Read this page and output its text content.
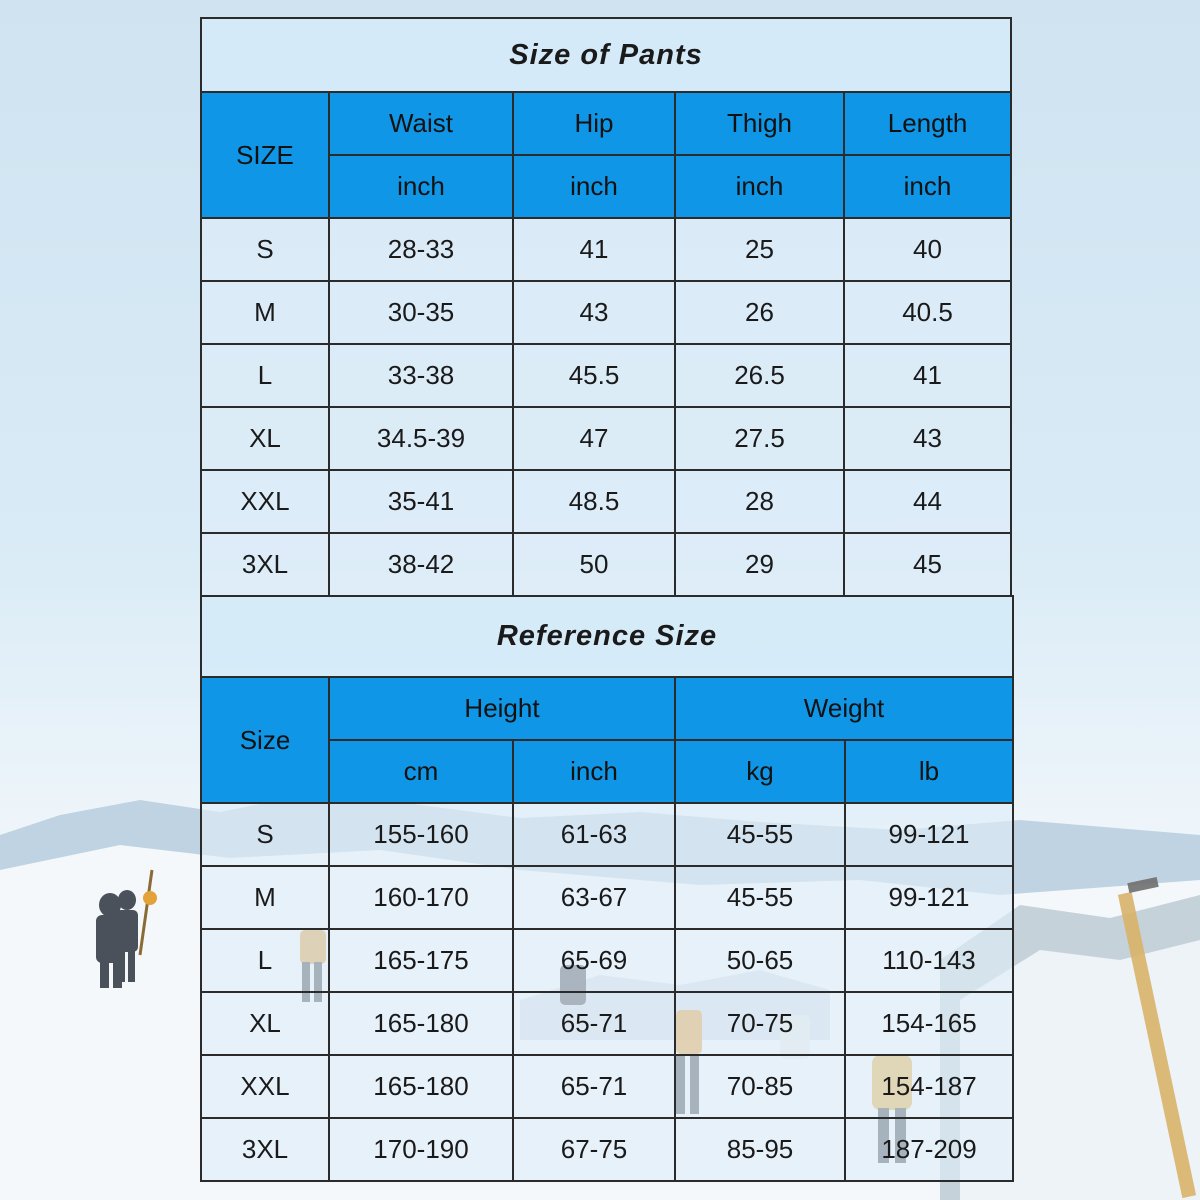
Size of Pants				
SIZE	Waist	Hip	Thigh	Length
	inch	inch	inch	inch
S	28-33	41	25	40
M	30-35	43	26	40.5
L	33-38	45.5	26.5	41
XL	34.5-39	47	27.5	43
XXL	35-41	48.5	28	44
3XL	38-42	50	29	45
Reference Size				
Size	Height		Weight	
	cm	inch	kg	lb
S	155-160	61-63	45-55	99-121
M	160-170	63-67	45-55	99-121
L	165-175	65-69	50-65	110-143
XL	165-180	65-71	70-75	154-165
XXL	165-180	65-71	70-85	154-187
3XL	170-190	67-75	85-95	187-209
